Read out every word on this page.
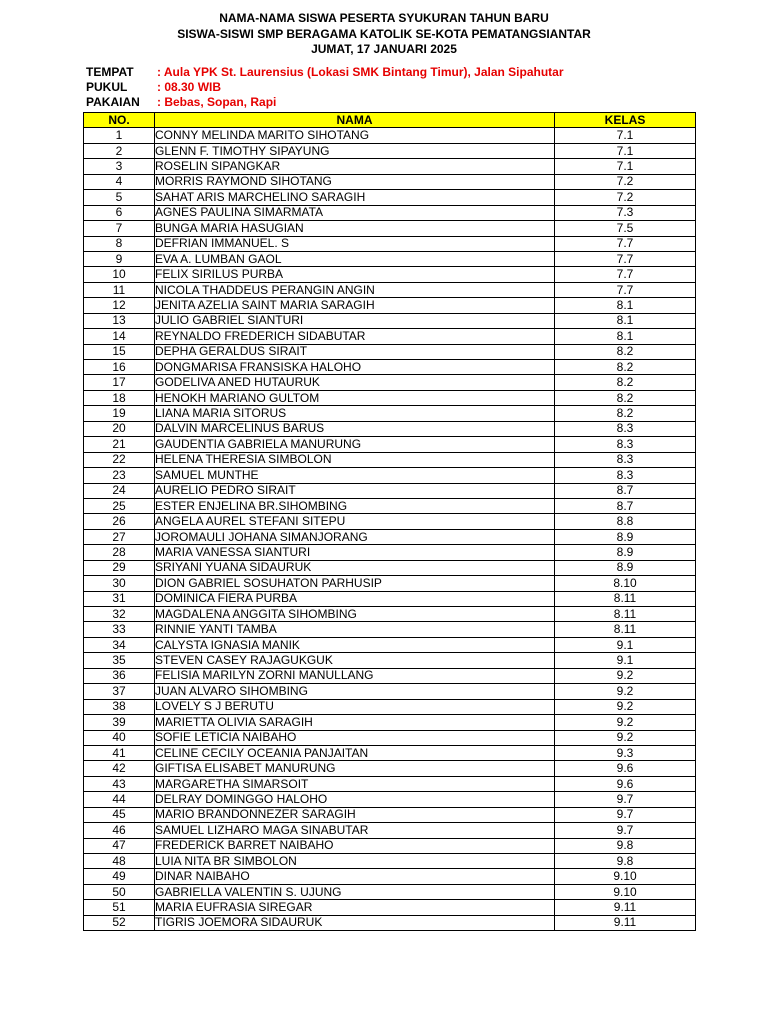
NAMA-NAMA SISWA PESERTA SYUKURAN TAHUN BARU
SISWA-SISWI SMP BERAGAMA KATOLIK SE-KOTA PEMATANGSIANTAR
JUMAT, 17 JANUARI 2025
TEMPAT	: Aula YPK St. Laurensius (Lokasi SMK Bintang Timur), Jalan Sipahutar
PUKUL	: 08.30 WIB
PAKAIAN	: Bebas, Sopan, Rapi
NO.	NAMA	KELAS
1	CONNY MELINDA MARITO SIHOTANG	7.1
2	GLENN F. TIMOTHY SIPAYUNG	7.1
3	ROSELIN SIPANGKAR	7.1
4	MORRIS RAYMOND SIHOTANG	7.2
5	SAHAT ARIS MARCHELINO SARAGIH	7.2
6	AGNES PAULINA SIMARMATA	7.3
7	BUNGA MARIA HASUGIAN	7.5
8	DEFRIAN IMMANUEL. S	7.7
9	EVA A. LUMBAN GAOL	7.7
10	FELIX SIRILUS PURBA	7.7
11	NICOLA THADDEUS PERANGIN ANGIN	7.7
12	JENITA AZELIA SAINT MARIA SARAGIH	8.1
13	JULIO GABRIEL SIANTURI	8.1
14	REYNALDO FREDERICH SIDABUTAR	8.1
15	DEPHA GERALDUS SIRAIT	8.2
16	DONGMARISA FRANSISKA HALOHO	8.2
17	GODELIVA ANED HUTAURUK	8.2
18	HENOKH MARIANO GULTOM	8.2
19	LIANA MARIA SITORUS	8.2
20	DALVIN MARCELINUS BARUS	8.3
21	GAUDENTIA GABRIELA MANURUNG	8.3
22	HELENA THERESIA SIMBOLON	8.3
23	SAMUEL MUNTHE	8.3
24	AURELIO PEDRO SIRAIT	8.7
25	ESTER ENJELINA BR.SIHOMBING	8.7
26	ANGELA AUREL STEFANI SITEPU	8.8
27	JOROMAULI JOHANA SIMANJORANG	8.9
28	MARIA VANESSA SIANTURI	8.9
29	SRIYANI YUANA SIDAURUK	8.9
30	DION GABRIEL SOSUHATON PARHUSIP	8.10
31	DOMINICA FIERA PURBA	8.11
32	MAGDALENA ANGGITA SIHOMBING	8.11
33	RINNIE YANTI TAMBA	8.11
34	CALYSTA IGNASIA MANIK	9.1
35	STEVEN CASEY RAJAGUKGUK	9.1
36	FELISIA MARILYN ZORNI MANULLANG	9.2
37	JUAN ALVARO SIHOMBING	9.2
38	LOVELY S J BERUTU	9.2
39	MARIETTA OLIVIA SARAGIH	9.2
40	SOFIE LETICIA NAIBAHO	9.2
41	CELINE CECILY OCEANIA PANJAITAN	9.3
42	GIFTISA ELISABET MANURUNG	9.6
43	MARGARETHA SIMARSOIT	9.6
44	DELRAY DOMINGGO HALOHO	9.7
45	MARIO BRANDONNEZER SARAGIH	9.7
46	SAMUEL LIZHARO MAGA SINABUTAR	9.7
47	FREDERICK BARRET NAIBAHO	9.8
48	LUIA NITA BR SIMBOLON	9.8
49	DINAR NAIBAHO	9.10
50	GABRIELLA VALENTIN S. UJUNG	9.10
51	MARIA EUFRASIA SIREGAR	9.11
52	TIGRIS JOEMORA SIDAURUK	9.11
